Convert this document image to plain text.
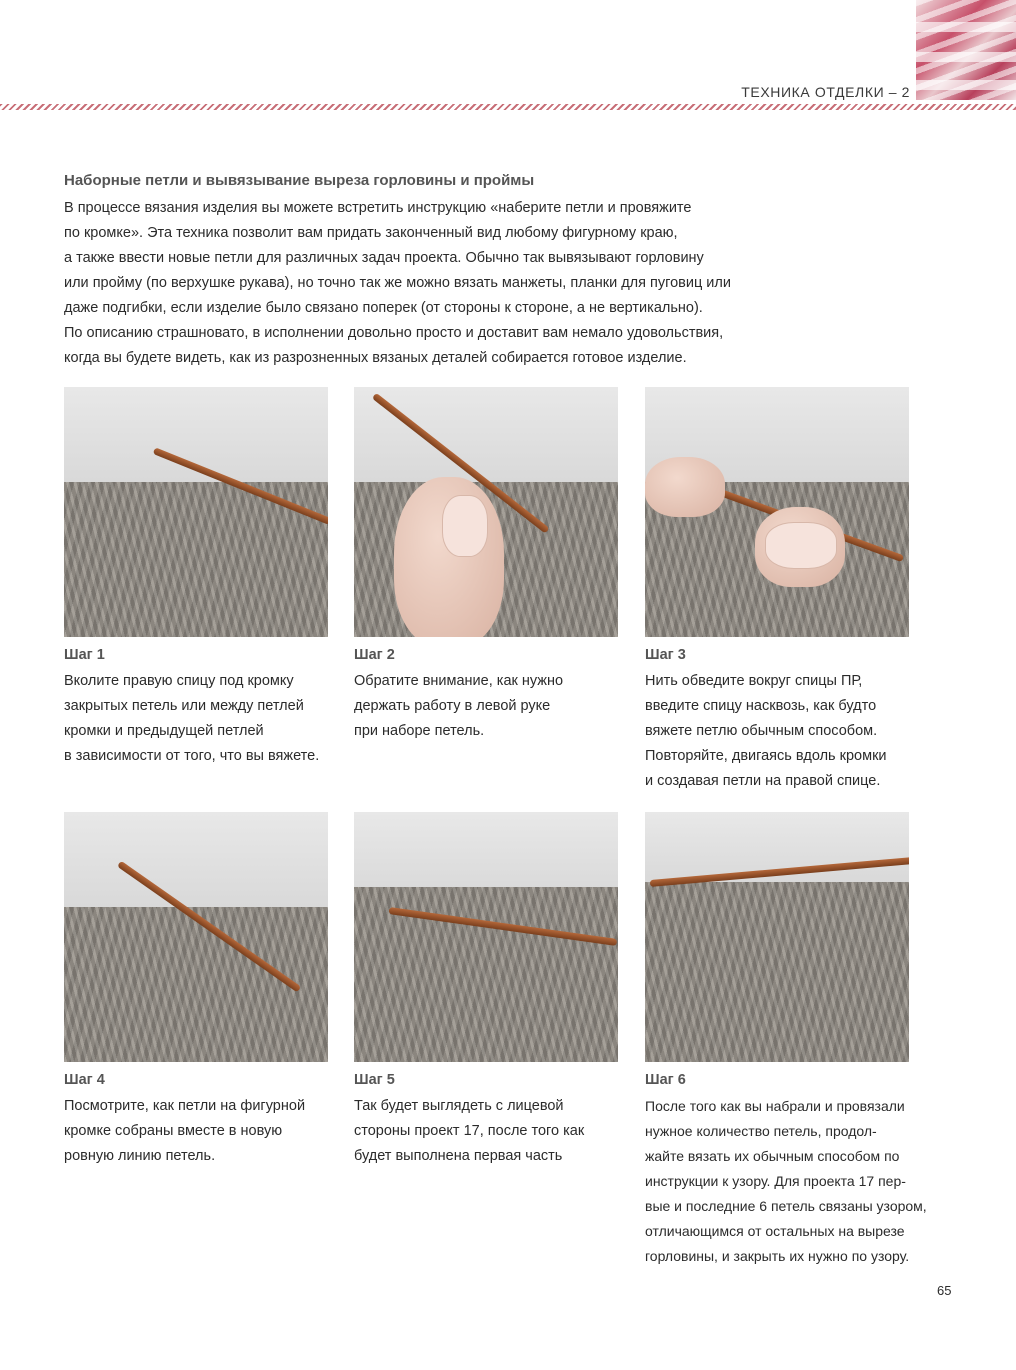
ТЕХНИКА ОТДЕЛКИ – 2
Наборные петли и вывязывание выреза горловины и проймы
В процессе вязания изделия вы можете встретить инструкцию «наберите петли и провяжите
по кромке». Эта техника позволит вам придать законченный вид любому фигурному краю,
а также ввести новые петли для различных задач проекта. Обычно так вывязывают горловину
или пройму (по верхушке рукава), но точно так же можно вязать манжеты, планки для пуговиц или
даже подгибки, если изделие было связано поперек (от стороны к стороне, а не вертикально).
По описанию страшновато, в исполнении довольно просто и доставит вам немало удовольствия,
когда вы будете видеть, как из разрозненных вязаных деталей собирается готовое изделие.
Шаг 1
Вколите правую спицу под кромку
закрытых петель или между петлей
кромки и предыдущей петлей
в зависимости от того, что вы вяжете.
Шаг 2
Обратите внимание, как нужно
держать работу в левой руке
при наборе петель.
Шаг 3
Нить обведите вокруг спицы ПР,
введите спицу насквозь, как будто
вяжете петлю обычным способом.
Повторяйте, двигаясь вдоль кромки
и создавая петли на правой спице.
Шаг 4
Посмотрите, как петли на фигурной
кромке собраны вместе в новую
ровную линию петель.
Шаг 5
Так будет выглядеть с лицевой
стороны проект 17, после того как
будет выполнена первая часть
Шаг 6
После того как вы набрали и провязали
нужное количество петель, продол-
жайте вязать их обычным способом по
инструкции к узору. Для проекта 17 пер-
вые и последние 6 петель связаны узором,
отличающимся от остальных на вырезе
горловины, и закрыть их нужно по узору.
65
